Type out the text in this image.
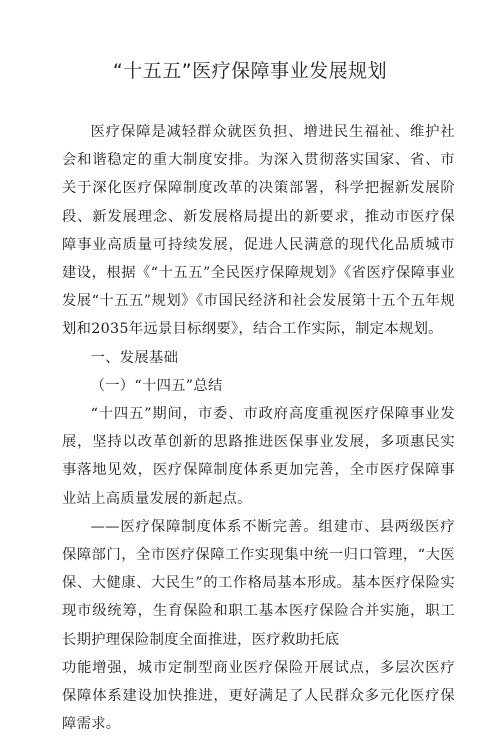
“十五五”医疗保障事业发展规划

医疗保障是减轻群众就医负担、增进民生福祉、维护社会和谐稳定的重大制度安排。为深入贯彻落实国家、省、市关于深化医疗保障制度改革的决策部署，科学把握新发展阶段、新发展理念、新发展格局提出的新要求，推动市医疗保障事业高质量可持续发展，促进人民满意的现代化品质城市建设，根据《“十五五”全民医疗保障规划》《省医疗保障事业发展“十五五”规划》《市国民经济和社会发展第十五个五年规划和2035年远景目标纲要》，结合工作实际，制定本规划。

一、发展基础

（一）“十四五”总结

“十四五”期间，市委、市政府高度重视医疗保障事业发展，坚持以改革创新的思路推进医保事业发展，多项惠民实事落地见效，医疗保障制度体系更加完善，全市医疗保障事业站上高质量发展的新起点。

——医疗保障制度体系不断完善。组建市、县两级医疗保障部门，全市医疗保障工作实现集中统一归口管理，“大医保、大健康、大民生”的工作格局基本形成。基本医疗保险实现市级统筹，生育保险和职工基本医疗保险合并实施，职工长期护理保险制度全面推进，医疗救助托底

功能增强，城市定制型商业医疗保险开展试点，多层次医疗保障体系建设加快推进，更好满足了人民群众多元化医疗保障需求。
